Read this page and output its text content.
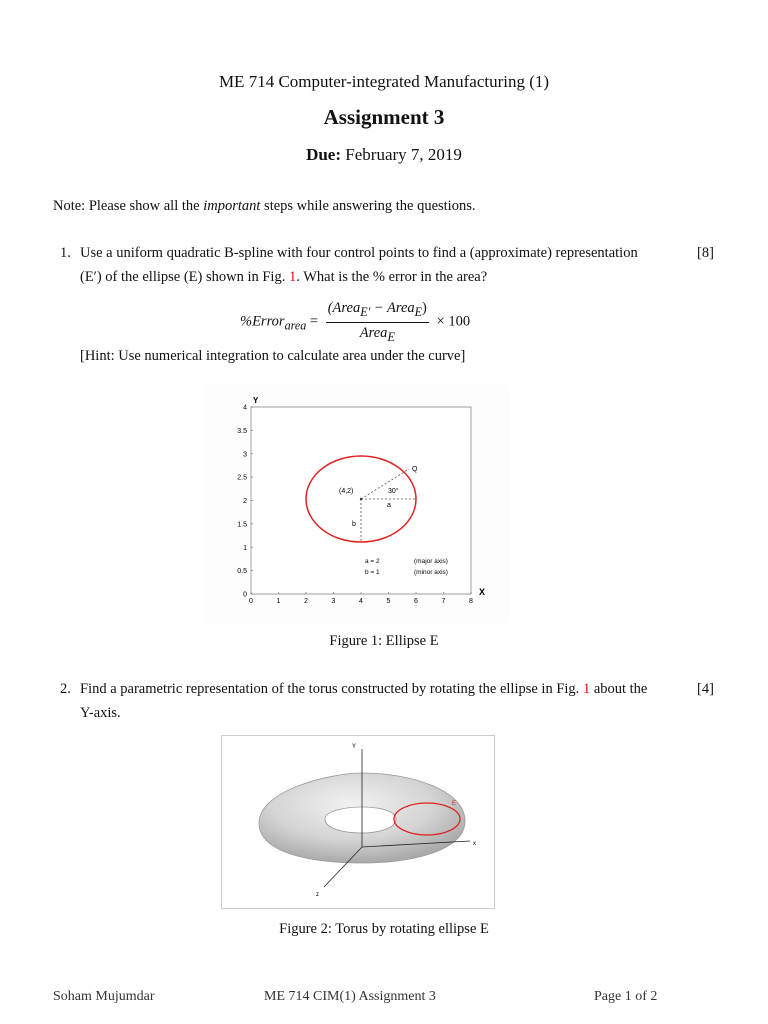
ME 714 Computer-integrated Manufacturing (1)
Assignment 3
Due: February 7, 2019
Note: Please show all the important steps while answering the questions.
1. Use a uniform quadratic B-spline with four control points to find a (approximate) representation
(E′) of the ellipse (E) shown in Fig. 1. What is the % error in the area?
[8]
%Error$_{area}$ = $\frac{(Area_{E'} - Area_E)}{Area_E} \times 100$
[Hint: Use numerical integration to calculate area under the curve]
0	1	2	3	4	5	6	7	8
0
0.5
1
1.5
2
2.5
3
3.5
4
Y
X
(4,2)	30°
a
b
Q
a = 2
b = 1
(major axis)
(minor axis)
Figure 1: Ellipse E
2. Find a parametric representation of the torus constructed by rotating the ellipse in Fig. 1 about the
Y-axis.
[4]
Y
x
z
E
Figure 2: Torus by rotating ellipse E
Soham Mujumdar	ME 714 CIM(1) Assignment 3	Page 1 of 2
